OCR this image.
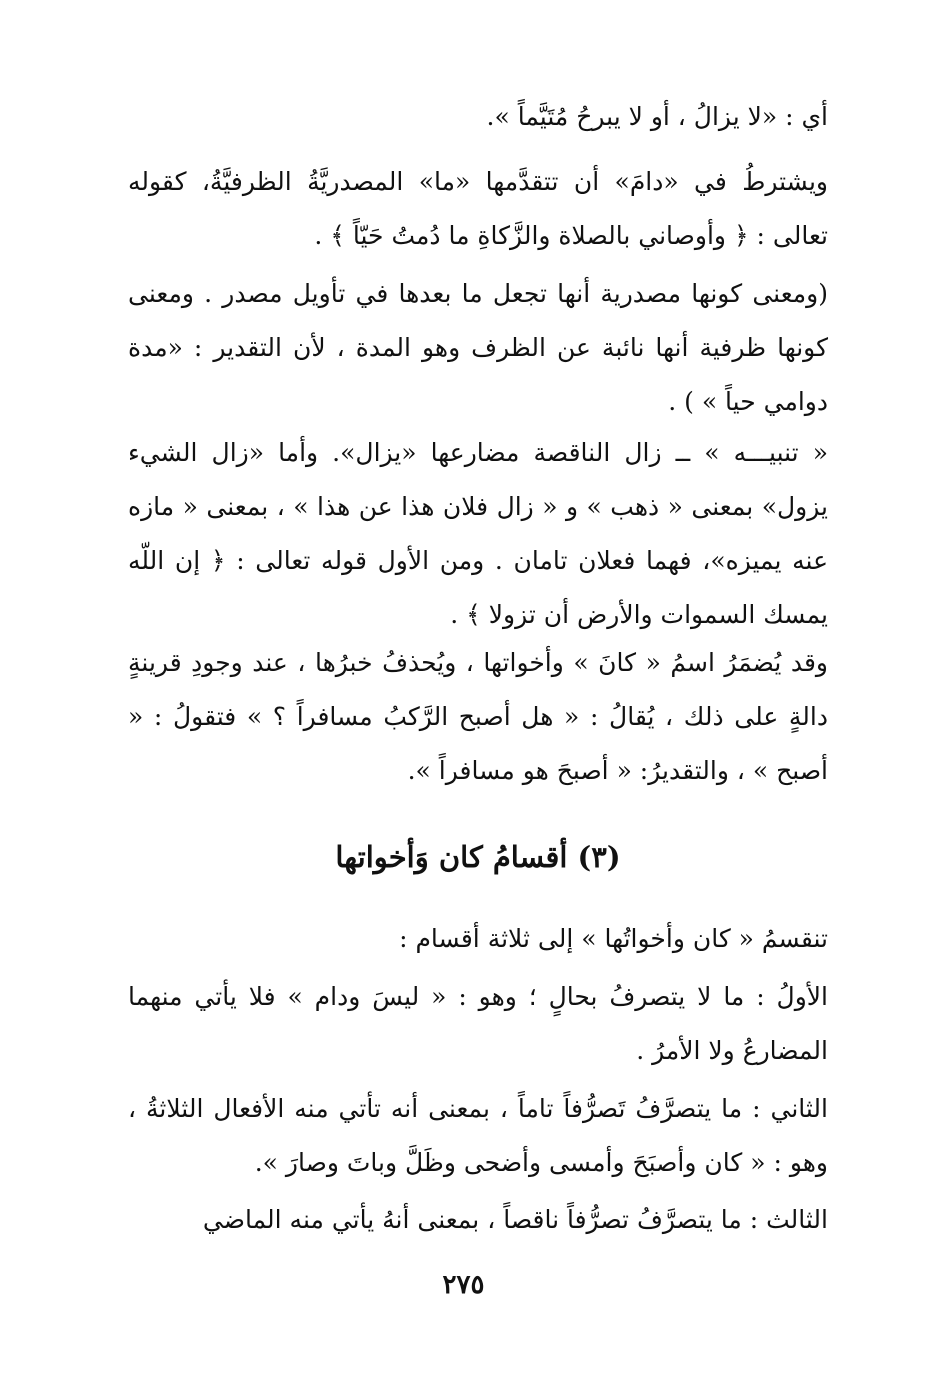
أي : «لا يزالُ ، أو لا يبرحُ مُتَيَّماً ».

ويشترطُ في «دامَ» أن تتقدَّمها «ما» المصدريَّةُ الظرفيَّةُ، كقوله تعالى : ﴿ وأوصاني بالصلاة والزَّكاةِ ما دُمتُ حَيّاً ﴾ .

(ومعنى كونها مصدرية أنها تجعل ما بعدها في تأويل مصدر . ومعنى كونها ظرفية أنها نائبة عن الظرف وهو المدة ، لأن التقدير : «مدة دوامي حياً » ) .

« تنبيـــه » ــ زال الناقصة مضارعها «يزال». وأما «زال الشيء يزول» بمعنى « ذهب » و « زال فلان هذا عن هذا » ، بمعنى « مازه عنه يميزه»، فهما فعلان تامان . ومن الأول قوله تعالى : ﴿ إن اللّه يمسك السموات والأرض أن تزولا ﴾ .

وقد يُضمَرُ اسمُ « كانَ » وأخواتها ، ويُحذفُ خبرُها ، عند وجودِ قرينةٍ دالةٍ على ذلك ، يُقالُ : « هل أصبح الرَّكبُ مسافراً ؟ » فتقولُ : « أصبح » ، والتقديرُ: « أصبحَ هو مسافراً ».

(٣) أقسامُ كان وَأخواتها

تنقسمُ « كان وأخواتُها » إلى ثلاثة أقسام :

الأولُ : ما لا يتصرفُ بحالٍ ؛ وهو : « ليسَ ودام » فلا يأتي منهما المضارعُ ولا الأمرُ .

الثاني : ما يتصرَّفُ تَصرُّفاً تاماً ، بمعنى أنه تأتي منه الأفعال الثلاثةُ ، وهو : « كان وأصبَحَ وأمسى وأضحى وظَلَّ وباتَ وصارَ ».

الثالث : ما يتصرَّفُ تصرُّفاً ناقصاً ، بمعنى أنهُ يأتي منه الماضي

٢٧٥
